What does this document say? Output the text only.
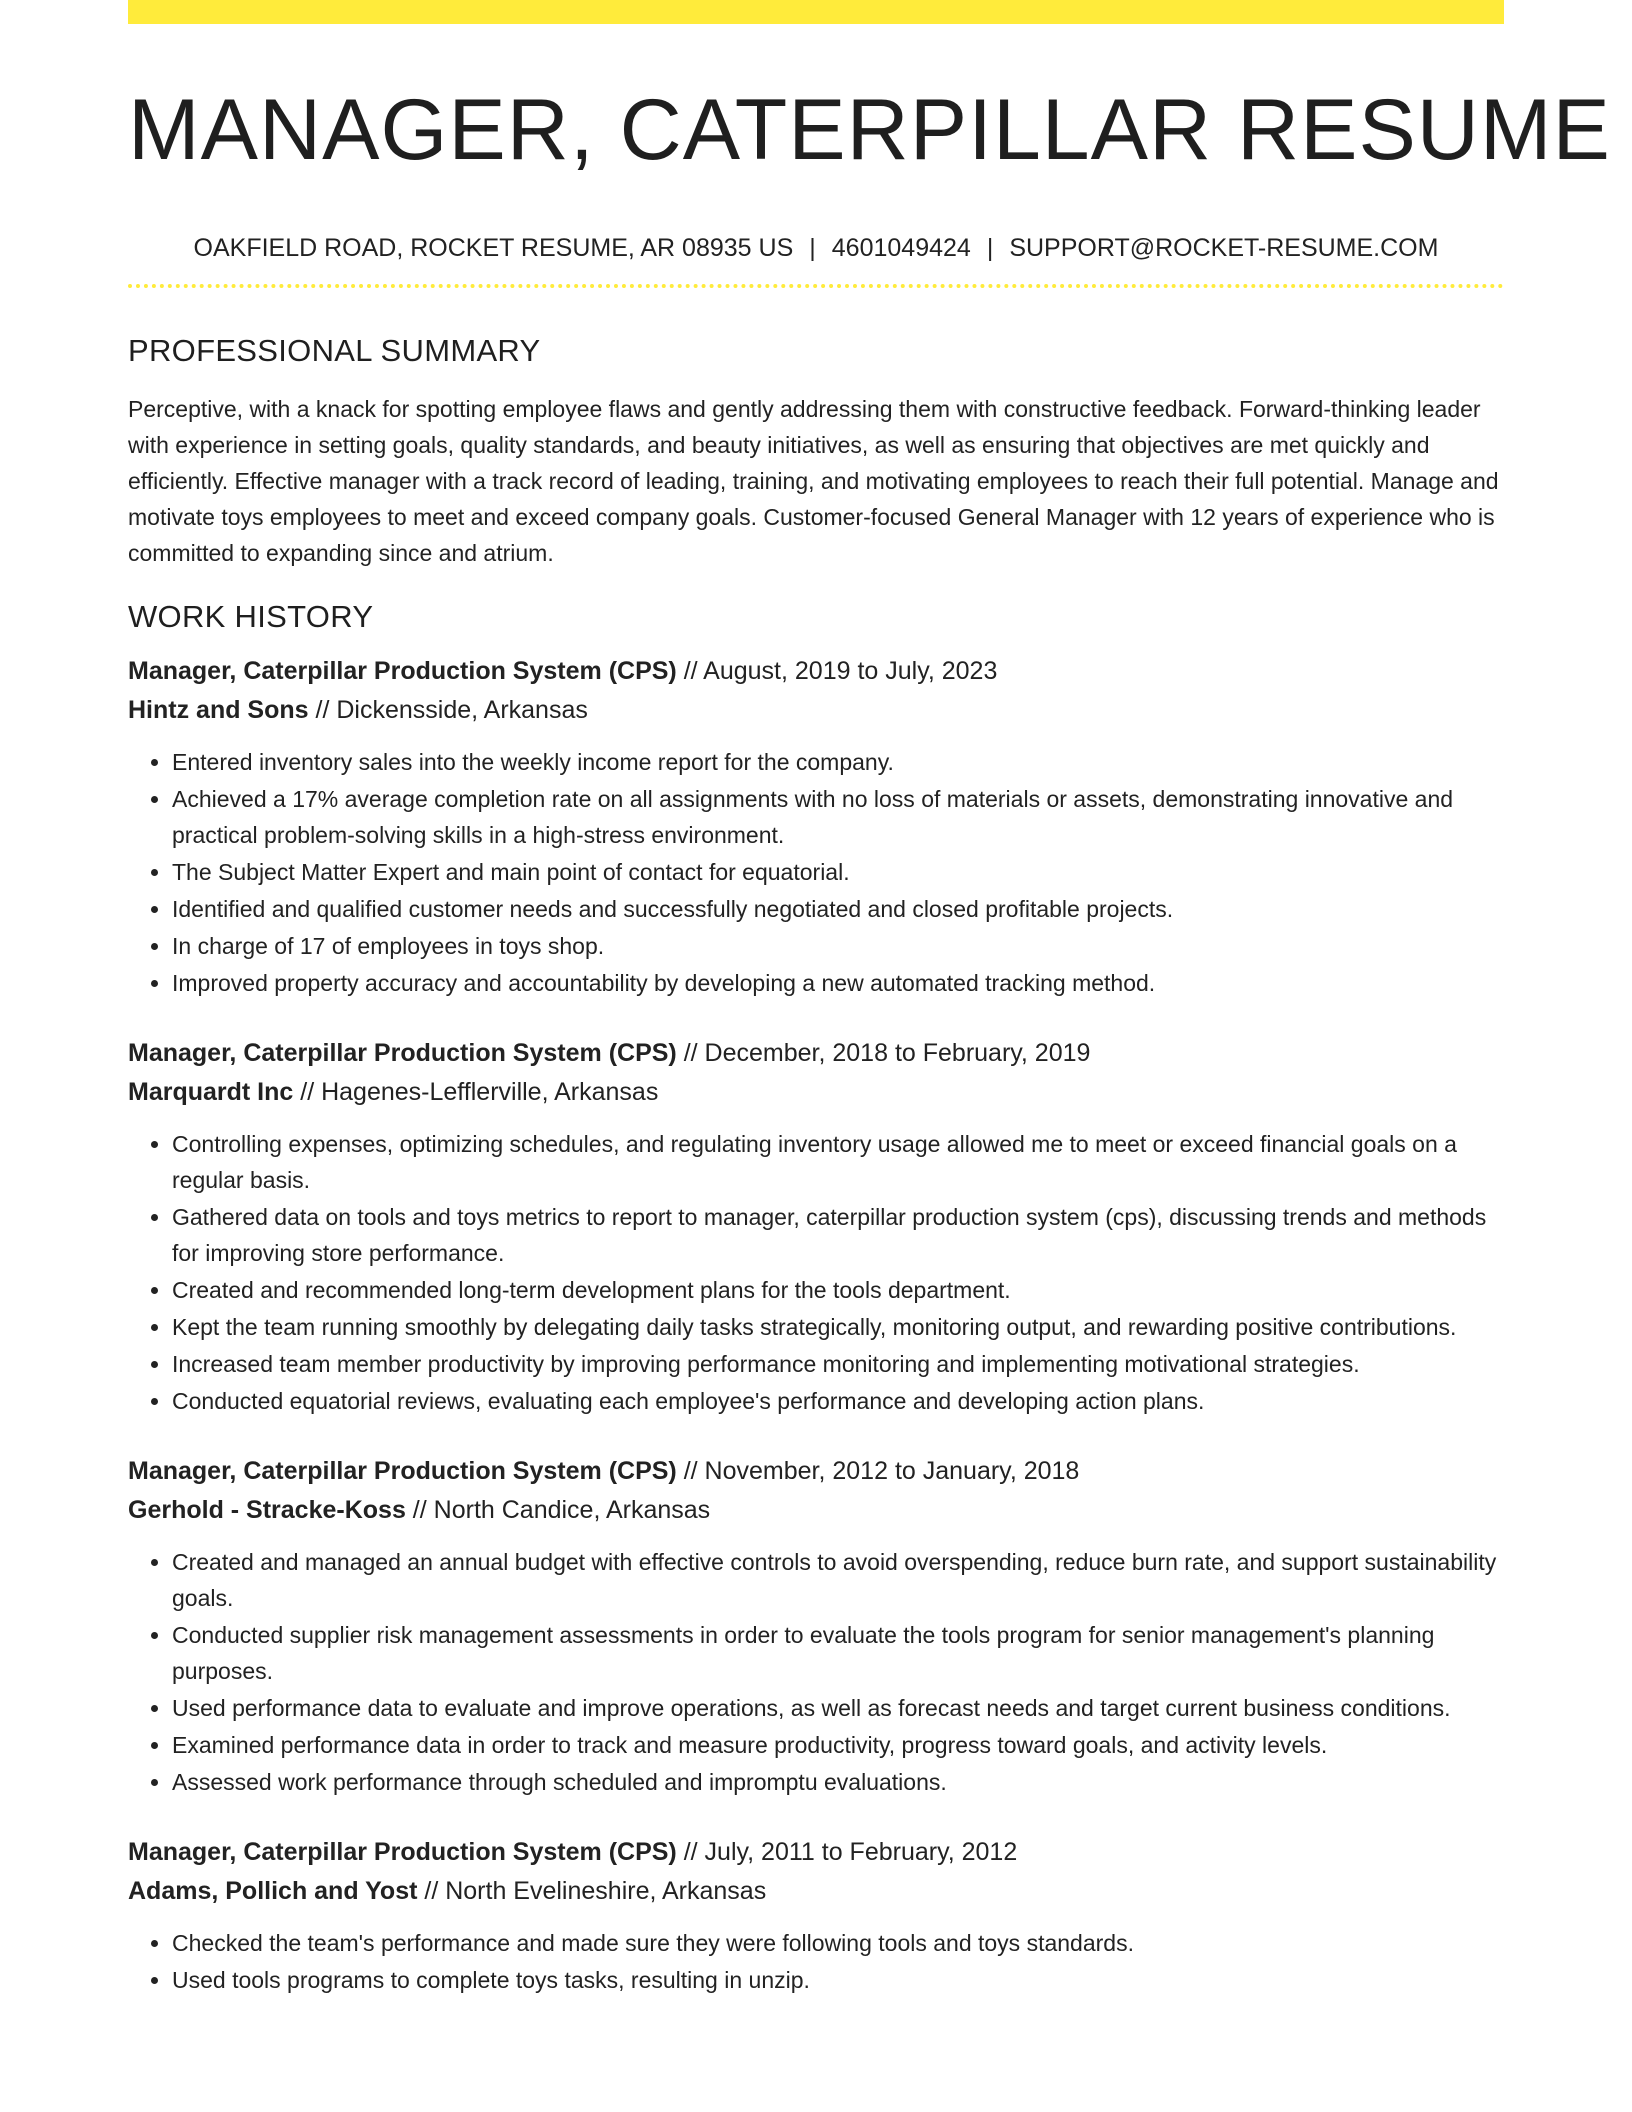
MANAGER, CATERPILLAR RESUME
OAKFIELD ROAD, ROCKET RESUME, AR 08935 US | 4601049424 | SUPPORT@ROCKET-RESUME.COM
PROFESSIONAL SUMMARY

Perceptive, with a knack for spotting employee flaws and gently addressing them with constructive feedback. Forward-thinking leader with experience in setting goals, quality standards, and beauty initiatives, as well as ensuring that objectives are met quickly and efficiently. Effective manager with a track record of leading, training, and motivating employees to reach their full potential. Manage and motivate toys employees to meet and exceed company goals. Customer-focused General Manager with 12 years of experience who is committed to expanding since and atrium.

WORK HISTORY
Manager, Caterpillar Production System (CPS) // August, 2019 to July, 2023
Hintz and Sons // Dickensside, Arkansas
• Entered inventory sales into the weekly income report for the company.
• Achieved a 17% average completion rate on all assignments with no loss of materials or assets, demonstrating innovative and practical problem-solving skills in a high-stress environment.
• The Subject Matter Expert and main point of contact for equatorial.
• Identified and qualified customer needs and successfully negotiated and closed profitable projects.
• In charge of 17 of employees in toys shop.
• Improved property accuracy and accountability by developing a new automated tracking method.
Manager, Caterpillar Production System (CPS) // December, 2018 to February, 2019
Marquardt Inc // Hagenes-Lefflerville, Arkansas
• Controlling expenses, optimizing schedules, and regulating inventory usage allowed me to meet or exceed financial goals on a regular basis.
• Gathered data on tools and toys metrics to report to manager, caterpillar production system (cps), discussing trends and methods for improving store performance.
• Created and recommended long-term development plans for the tools department.
• Kept the team running smoothly by delegating daily tasks strategically, monitoring output, and rewarding positive contributions.
• Increased team member productivity by improving performance monitoring and implementing motivational strategies.
• Conducted equatorial reviews, evaluating each employee's performance and developing action plans.
Manager, Caterpillar Production System (CPS) // November, 2012 to January, 2018
Gerhold - Stracke-Koss // North Candice, Arkansas
• Created and managed an annual budget with effective controls to avoid overspending, reduce burn rate, and support sustainability goals.
• Conducted supplier risk management assessments in order to evaluate the tools program for senior management's planning purposes.
• Used performance data to evaluate and improve operations, as well as forecast needs and target current business conditions.
• Examined performance data in order to track and measure productivity, progress toward goals, and activity levels.
• Assessed work performance through scheduled and impromptu evaluations.
Manager, Caterpillar Production System (CPS) // July, 2011 to February, 2012
Adams, Pollich and Yost // North Evelineshire, Arkansas
• Checked the team's performance and made sure they were following tools and toys standards.
• Used tools programs to complete toys tasks, resulting in unzip.
